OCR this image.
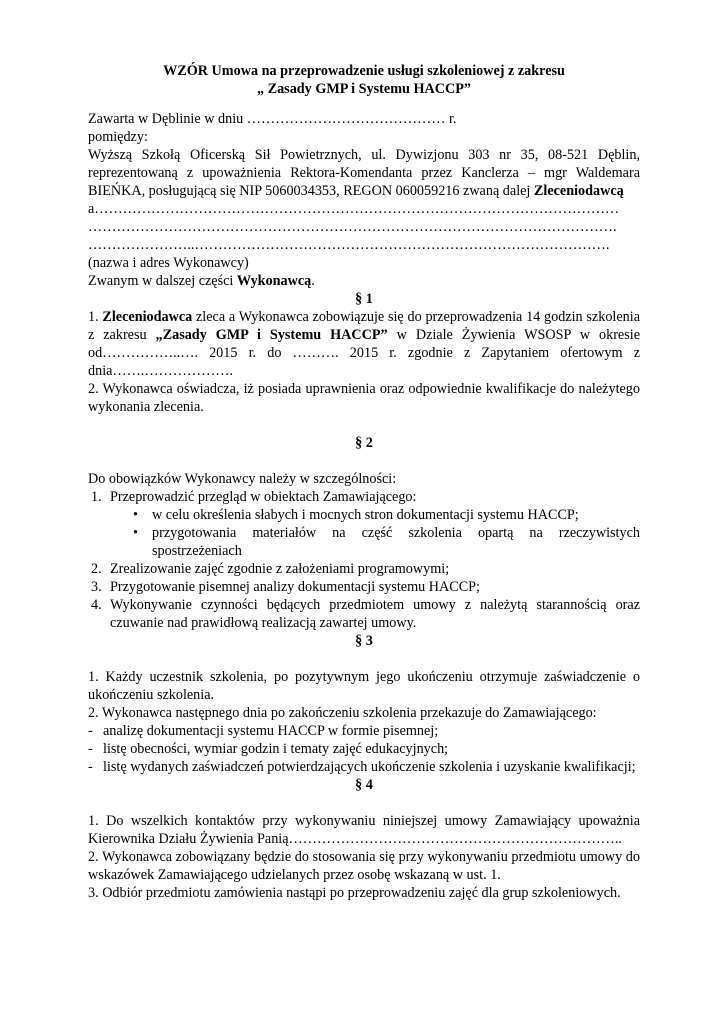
WZÓR Umowa na przeprowadzenie usługi szkoleniowej z zakresu

„ Zasady GMP i Systemu HACCP”

Zawarta w Dęblinie w dniu …………………………………… r.

pomiędzy:

Wyższą Szkołą Oficerską Sił Powietrznych, ul. Dywizjonu 303 nr 35, 08-521 Dęblin, reprezentowaną z upoważnienia Rektora-Komendanta przez Kanclerza – mgr Waldemara BIEŃKA, posługującą się NIP 5060034353, REGON 060059216 zwaną dalej Zleceniodawcą

a…………………………………………………………………………………………………

………………………………………………………………………………………………….

…………………..…………………………………………………………………………….

(nazwa i adres Wykonawcy)

Zwanym w dalszej części Wykonawcą.

§ 1

1. Zleceniodawca zleca a Wykonawca zobowiązuje się do przeprowadzenia 14 godzin szkolenia z zakresu „Zasady GMP i Systemu HACCP” w Dziale Żywienia WSOSP w okresie od……………..…. 2015 r. do ………. 2015 r. zgodnie z Zapytaniem ofertowym z dnia…….……………….

2. Wykonawca oświadcza, iż posiada uprawnienia oraz odpowiednie kwalifikacje do należytego wykonania zlecenia.

§ 2

Do obowiązków Wykonawcy należy w szczególności:

1. Przeprowadzić przegląd w obiektach Zamawiającego:
• w celu określenia słabych i mocnych stron dokumentacji systemu HACCP;
• przygotowania materiałów na część szkolenia opartą na rzeczywistych spostrzeżeniach
2. Zrealizowanie zajęć zgodnie z założeniami programowymi;
3. Przygotowanie pisemnej analizy dokumentacji systemu HACCP;
4. Wykonywanie czynności będących przedmiotem umowy z należytą starannością oraz czuwanie nad prawidłową realizacją zawartej umowy.

§ 3

1. Każdy uczestnik szkolenia, po pozytywnym jego ukończeniu otrzymuje zaświadczenie o ukończeniu szkolenia.

2. Wykonawca następnego dnia po zakończeniu szkolenia przekazuje do Zamawiającego:

- analizę dokumentacji systemu HACCP w formie pisemnej;
- listę obecności, wymiar godzin i tematy zajęć edukacyjnych;
- listę wydanych zaświadczeń potwierdzających ukończenie szkolenia i uzyskanie kwalifikacji;

§ 4

1. Do wszelkich kontaktów przy wykonywaniu niniejszej umowy Zamawiający upoważnia Kierownika Działu Żywienia Panią……………………………………………………………..

2. Wykonawca zobowiązany będzie do stosowania się przy wykonywaniu przedmiotu umowy do wskazówek Zamawiającego udzielanych przez osobę wskazaną w ust. 1.

3. Odbiór przedmiotu zamówienia nastąpi po przeprowadzeniu zajęć dla grup szkoleniowych.
